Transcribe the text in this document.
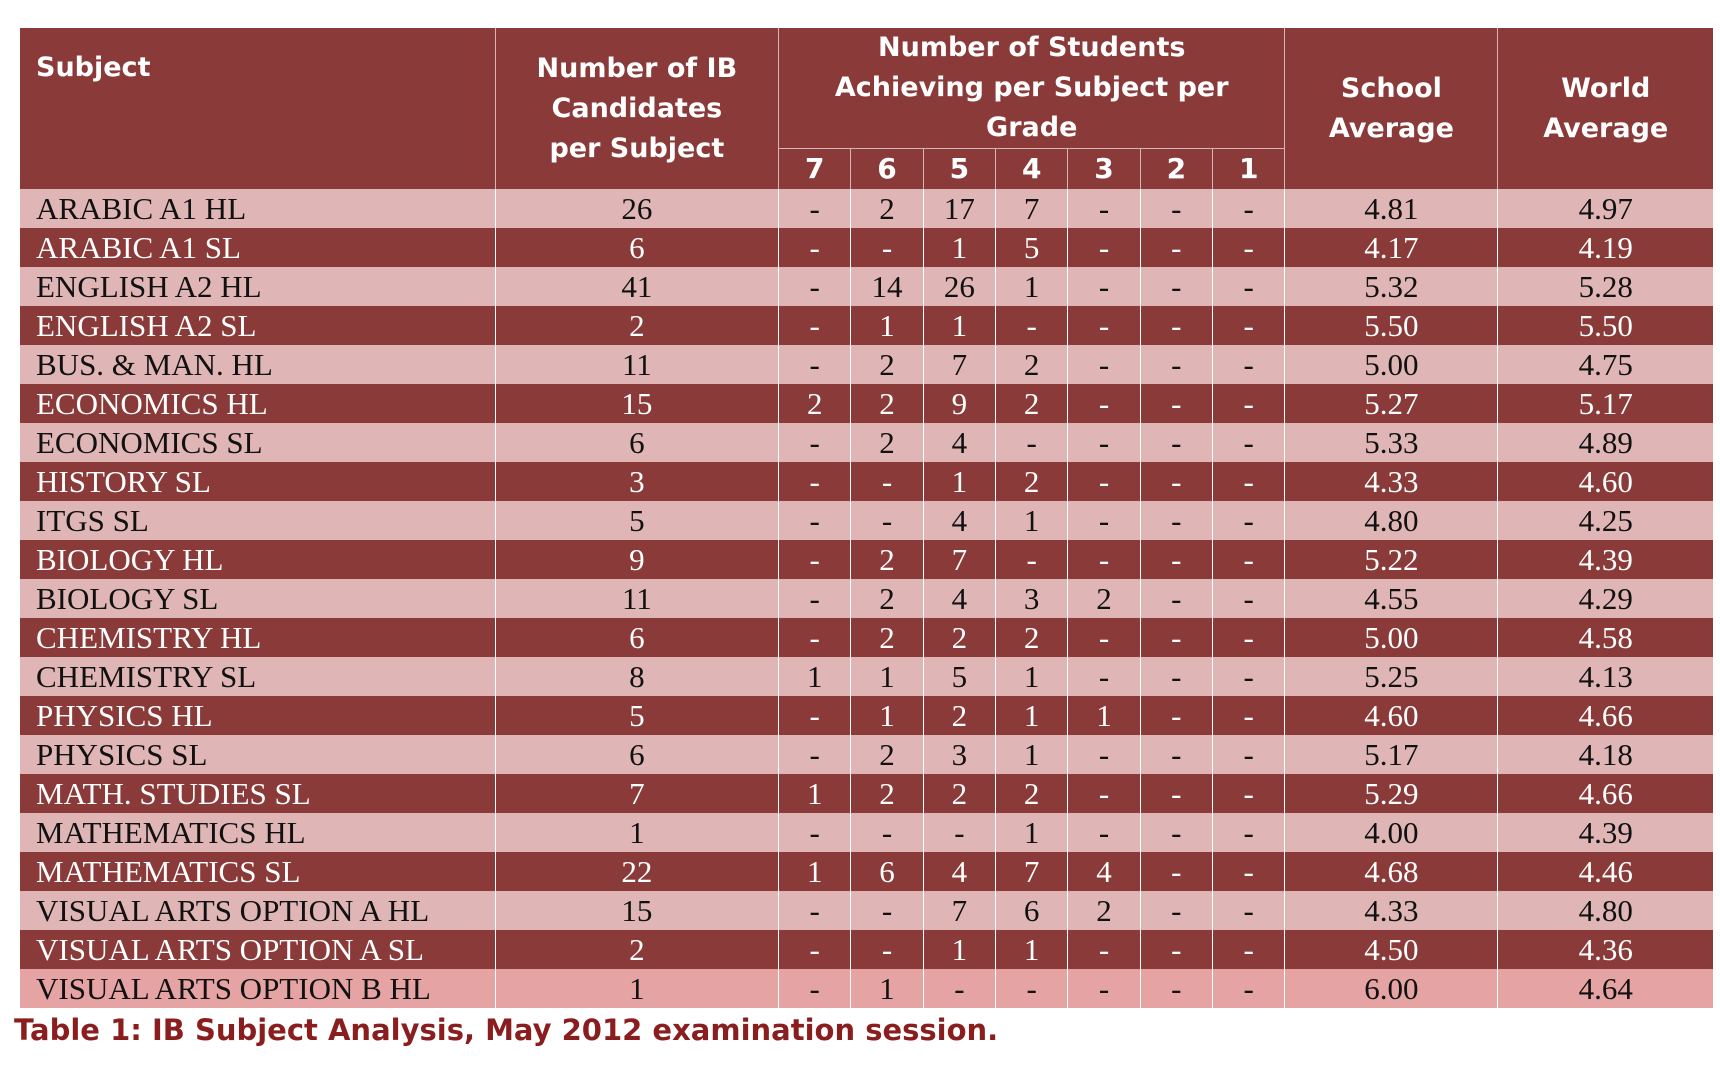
Subject	Number of IB Candidates per Subject	Number of Students Achieving per Subject per Grade							School Average	World Average
		7	6	5	4	3	2	1		
ARABIC A1 HL	26	-	2	17	7	-	-	-	4.81	4.97
ARABIC A1 SL	6	-	-	1	5	-	-	-	4.17	4.19
ENGLISH A2 HL	41	-	14	26	1	-	-	-	5.32	5.28
ENGLISH A2 SL	2	-	1	1	-	-	-	-	5.50	5.50
BUS. & MAN. HL	11	-	2	7	2	-	-	-	5.00	4.75
ECONOMICS HL	15	2	2	9	2	-	-	-	5.27	5.17
ECONOMICS SL	6	-	2	4	-	-	-	-	5.33	4.89
HISTORY SL	3	-	-	1	2	-	-	-	4.33	4.60
ITGS SL	5	-	-	4	1	-	-	-	4.80	4.25
BIOLOGY HL	9	-	2	7	-	-	-	-	5.22	4.39
BIOLOGY SL	11	-	2	4	3	2	-	-	4.55	4.29
CHEMISTRY HL	6	-	2	2	2	-	-	-	5.00	4.58
CHEMISTRY SL	8	1	1	5	1	-	-	-	5.25	4.13
PHYSICS HL	5	-	1	2	1	1	-	-	4.60	4.66
PHYSICS SL	6	-	2	3	1	-	-	-	5.17	4.18
MATH. STUDIES SL	7	1	2	2	2	-	-	-	5.29	4.66
MATHEMATICS HL	1	-	-	-	1	-	-	-	4.00	4.39
MATHEMATICS SL	22	1	6	4	7	4	-	-	4.68	4.46
VISUAL ARTS OPTION A HL	15	-	-	7	6	2	-	-	4.33	4.80
VISUAL ARTS OPTION A SL	2	-	-	1	1	-	-	-	4.50	4.36
VISUAL ARTS OPTION B HL	1	-	1	-	-	-	-	-	6.00	4.64

Table 1: IB Subject Analysis, May 2012 examination session.
